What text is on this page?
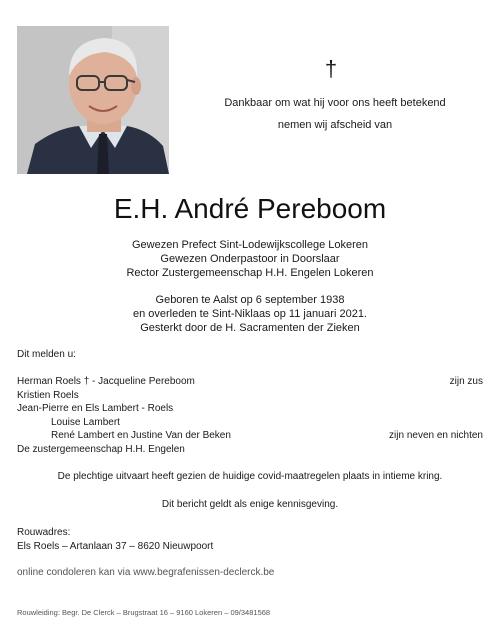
†
Dankbaar om wat hij voor ons heeft betekend
nemen wij afscheid van
E.H. André Pereboom
Gewezen Prefect Sint-Lodewijkscollege Lokeren
Gewezen Onderpastoor in Doorslaar
Rector Zustergemeenschap H.H. Engelen Lokeren
Geboren te Aalst op 6 september 1938
en overleden te Sint-Niklaas op 11 januari 2021.
Gesterkt door de H. Sacramenten der Zieken
Dit melden u:
Herman Roels † - Jacqueline Pereboom	zijn zus
Kristien Roels
Jean-Pierre en Els Lambert - Roels
Louise Lambert
René Lambert en Justine Van der Beken	zijn neven en nichten
De zustergemeenschap H.H. Engelen
De plechtige uitvaart heeft gezien de huidige covid-maatregelen plaats in intieme kring.
Dit bericht geldt als enige kennisgeving.
Rouwadres:
Els Roels – Artanlaan 37 – 8620 Nieuwpoort
online condoleren kan via www.begrafenissen-declerck.be
Rouwleiding: Begr. De Clerck – Brugstraat 16 – 9160 Lokeren – 09/3481568
